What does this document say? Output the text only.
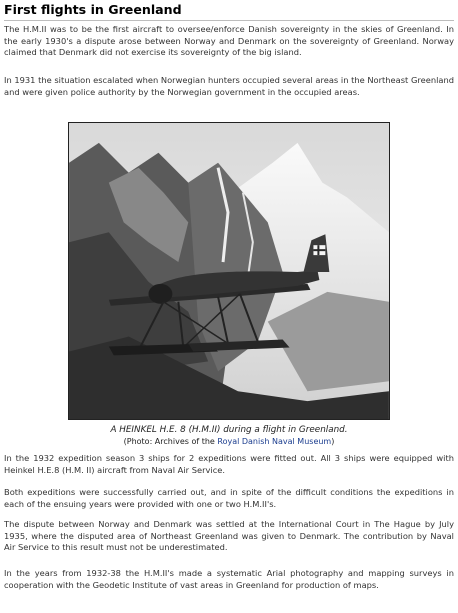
First flights in Greenland

The H.M.II was to be the first aircraft to oversee/enforce Danish sovereignty in the skies of Greenland. In the early 1930's a dispute arose between Norway and Denmark on the sovereignty of Greenland. Norway claimed that Denmark did not exercise its sovereignty of the big island.

In 1931 the situation escalated when Norwegian hunters occupied several areas in the Northeast Greenland and were given police authority by the Norwegian government in the occupied areas.

A HEINKEL H.E. 8 (H.M.II) during a flight in Greenland.
(Photo: Archives of the Royal Danish Naval Museum)

In the 1932 expedition season 3 ships for 2 expeditions were fitted out. All 3 ships were equipped with Heinkel H.E.8 (H.M. II) aircraft from Naval Air Service.

Both expeditions were successfully carried out, and in spite of the difficult conditions the expeditions in each of the ensuing years were provided with one or two H.M.II's.

The dispute between Norway and Denmark was settled at the International Court in The Hague by July 1935, where the disputed area of Northeast Greenland was given to Denmark. The contribution by Naval Air Service to this result must not be underestimated.

In the years from 1932-38 the H.M.II's made a systematic Arial photography and mapping surveys in cooperation with the Geodetic Institute of vast areas in Greenland for production of maps.
